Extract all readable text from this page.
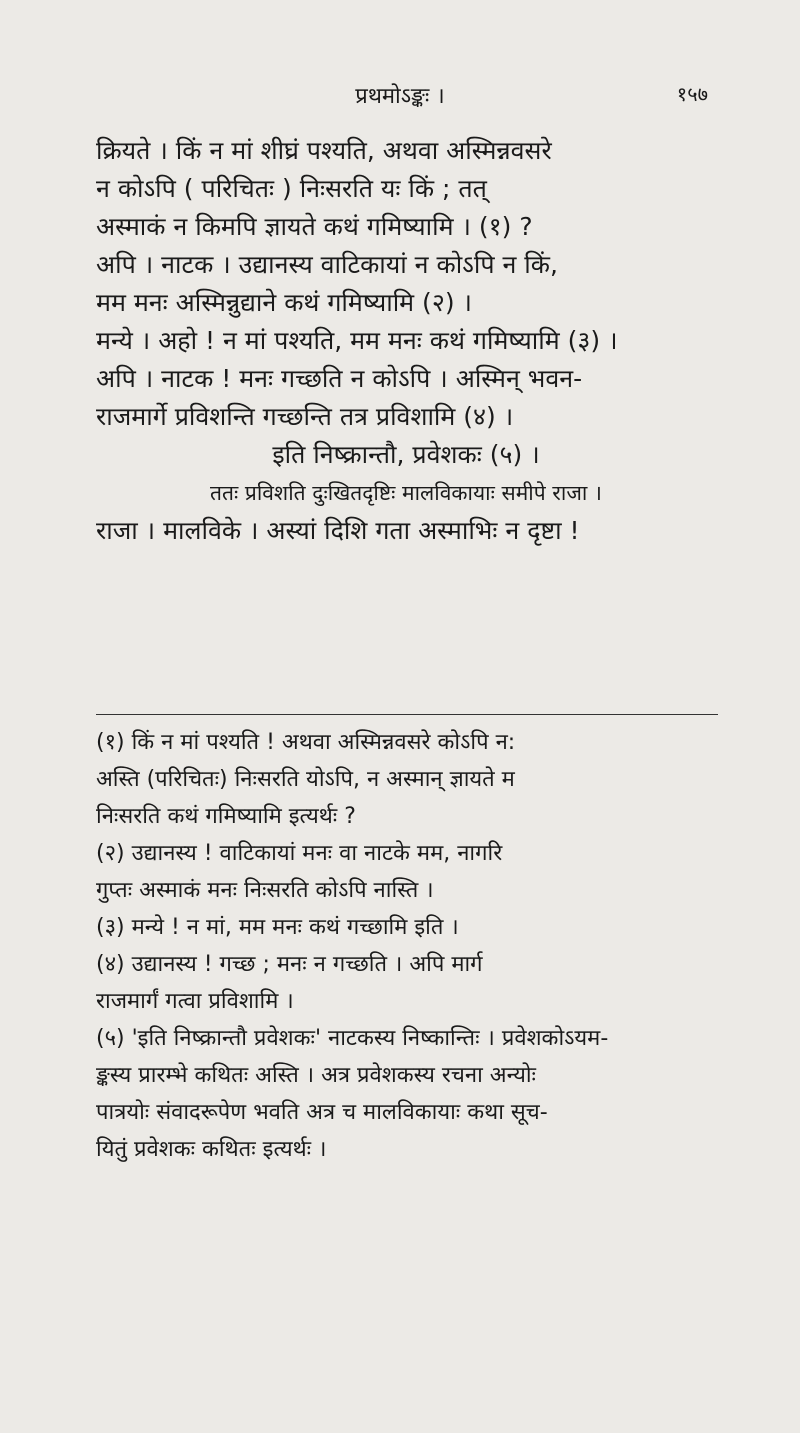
प्रथमोऽङ्कः ।	१५७
क्रियते । किं न मां शीघ्रं पश्यति, अथवा अस्मिन्नवसरे
न कोऽपि ( परिचितः ) निःसरति यः किं ; तत्
अस्माकं न किमपि ज्ञायते कथं गमिष्यामि । (१) ?
अपि । नाटक । उद्यानस्य वाटिकायां न कोऽपि न किं,
मम मनः अस्मिन्नुद्याने कथं गमिष्यामि (२) ।
मन्ये । अहो ! न मां पश्यति, मम मनः कथं गमिष्यामि (३) ।
अपि । नाटक ! मनः गच्छति न कोऽपि । अस्मिन् भवन-
राजमार्गे प्रविशन्ति गच्छन्ति तत्र प्रविशामि (४) ।
इति निष्क्रान्तौ, प्रवेशकः (५) ।
ततः प्रविशति दुःखितदृष्टिः मालविकायाः समीपे राजा ।
राजा । मालविके । अस्यां दिशि गता अस्माभिः न दृष्टा !
(१) किं न मां पश्यति ! अथवा अस्मिन्नवसरे कोऽपि न:
अस्ति (परिचितः) निःसरति योऽपि, न अस्मान् ज्ञायते म
निःसरति कथं गमिष्यामि इत्यर्थः ?
(२) उद्यानस्य ! वाटिकायां मनः वा नाटके मम, नागरि
गुप्तः अस्माकं मनः निःसरति कोऽपि नास्ति ।
(३) मन्ये ! न मां, मम मनः कथं गच्छामि इति ।
(४) उद्यानस्य ! गच्छ ; मनः न गच्छति । अपि मार्ग
राजमार्गं गत्वा प्रविशामि ।
(५) 'इति निष्क्रान्तौ प्रवेशकः' नाटकस्य निष्कान्तिः । प्रवेशकोऽयम-
ङ्कस्य प्रारम्भे कथितः अस्ति । अत्र प्रवेशकस्य रचना अन्योः
पात्रयोः संवादरूपेण भवति अत्र च मालविकायाः कथा सूच-
यितुं प्रवेशकः कथितः इत्यर्थः ।
